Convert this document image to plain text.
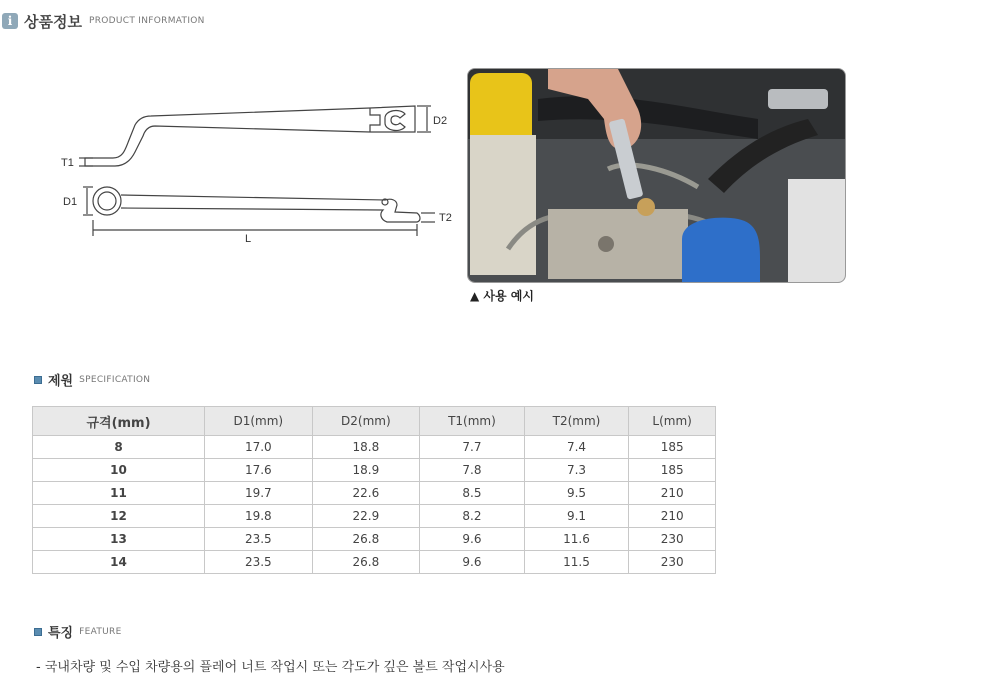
i 상품정보 PRODUCT INFORMATION
D2
T1
D1
T2
L
▲ 사용 예시
제원 SPECIFICATION
규격(mm)	D1(mm)	D2(mm)	T1(mm)	T2(mm)	L(mm)
8	17.0	18.8	7.7	7.4	185
10	17.6	18.9	7.8	7.3	185
11	19.7	22.6	8.5	9.5	210
12	19.8	22.9	8.2	9.1	210
13	23.5	26.8	9.6	11.6	230
14	23.5	26.8	9.6	11.5	230
특징 FEATURE
- 국내차량 및 수입 차량용의 플레어 너트 작업시 또는 각도가 깊은 볼트 작업시사용
